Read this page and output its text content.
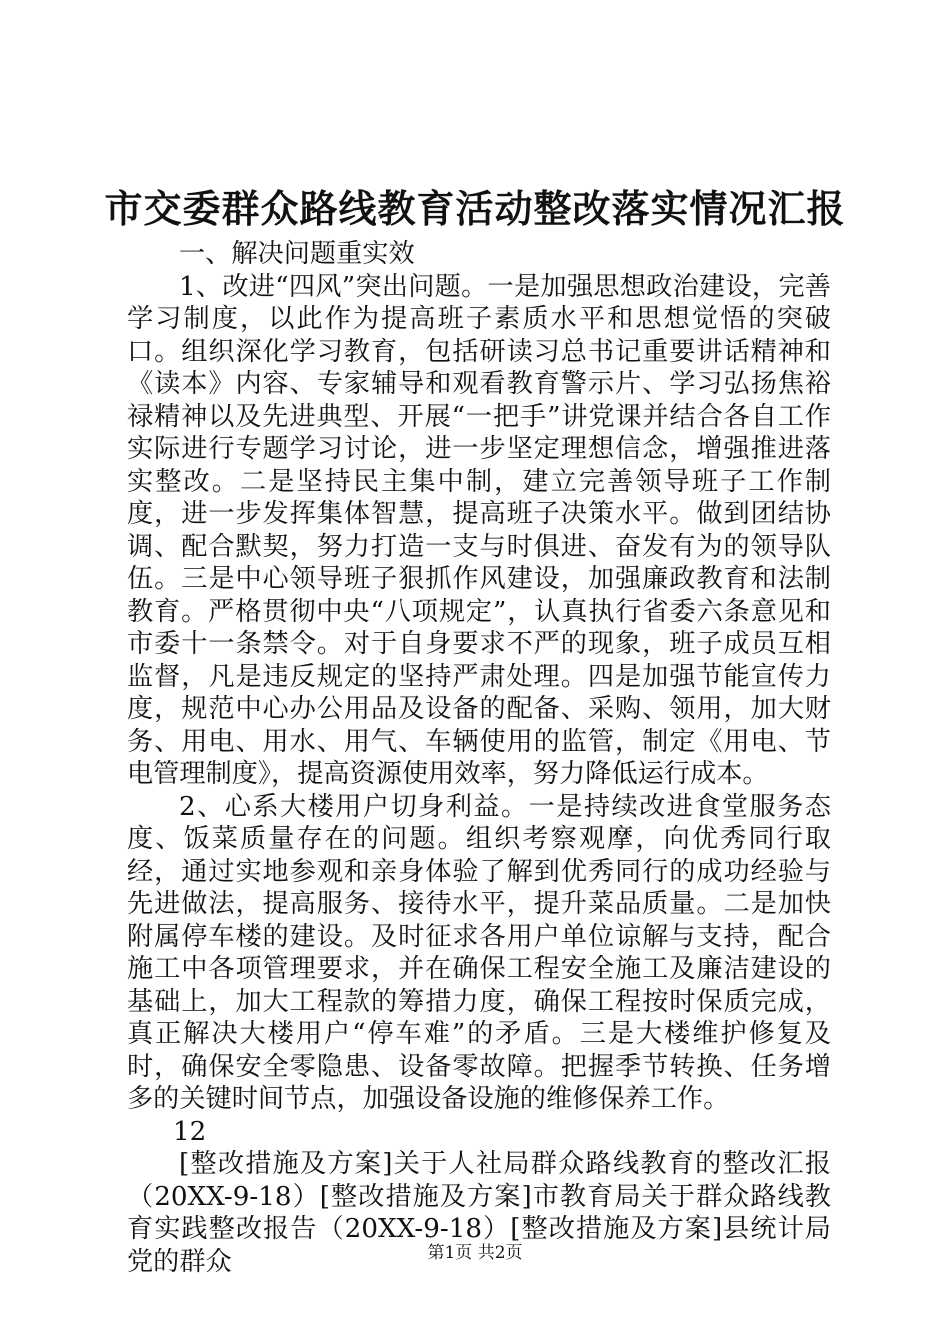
市交委群众路线教育活动整改落实情况汇报

一、解决问题重实效

1、改进“四风”突出问题。一是加强思想政治建设，完善学习制度，以此作为提高班子素质水平和思想觉悟的突破口。组织深化学习教育，包括研读习总书记重要讲话精神和《读本》内容、专家辅导和观看教育警示片、学习弘扬焦裕禄精神以及先进典型、开展“一把手”讲党课并结合各自工作实际进行专题学习讨论，进一步坚定理想信念，增强推进落实整改。二是坚持民主集中制，建立完善领导班子工作制度，进一步发挥集体智慧，提高班子决策水平。做到团结协调、配合默契，努力打造一支与时俱进、奋发有为的领导队伍。三是中心领导班子狠抓作风建设，加强廉政教育和法制教育。严格贯彻中央“八项规定”，认真执行省委六条意见和市委十一条禁令。对于自身要求不严的现象，班子成员互相监督，凡是违反规定的坚持严肃处理。四是加强节能宣传力度，规范中心办公用品及设备的配备、采购、领用，加大财务、用电、用水、用气、车辆使用的监管，制定《用电、节电管理制度》，提高资源使用效率，努力降低运行成本。

2、心系大楼用户切身利益。一是持续改进食堂服务态度、饭菜质量存在的问题。组织考察观摩，向优秀同行取经，通过实地参观和亲身体验了解到优秀同行的成功经验与先进做法，提高服务、接待水平，提升菜品质量。二是加快附属停车楼的建设。及时征求各用户单位谅解与支持，配合施工中各项管理要求，并在确保工程安全施工及廉洁建设的基础上，加大工程款的筹措力度，确保工程按时保质完成，真正解决大楼用户“停车难”的矛盾。三是大楼维护修复及时，确保安全零隐患、设备零故障。把握季节转换、任务增多的关键时间节点，加强设备设施的维修保养工作。

12

[整改措施及方案]关于人社局群众路线教育的整改汇报（20XX-9-18）[整改措施及方案]市教育局关于群众路线教育实践整改报告（20XX-9-18）[整改措施及方案]县统计局党的群众	第1页 共2页
